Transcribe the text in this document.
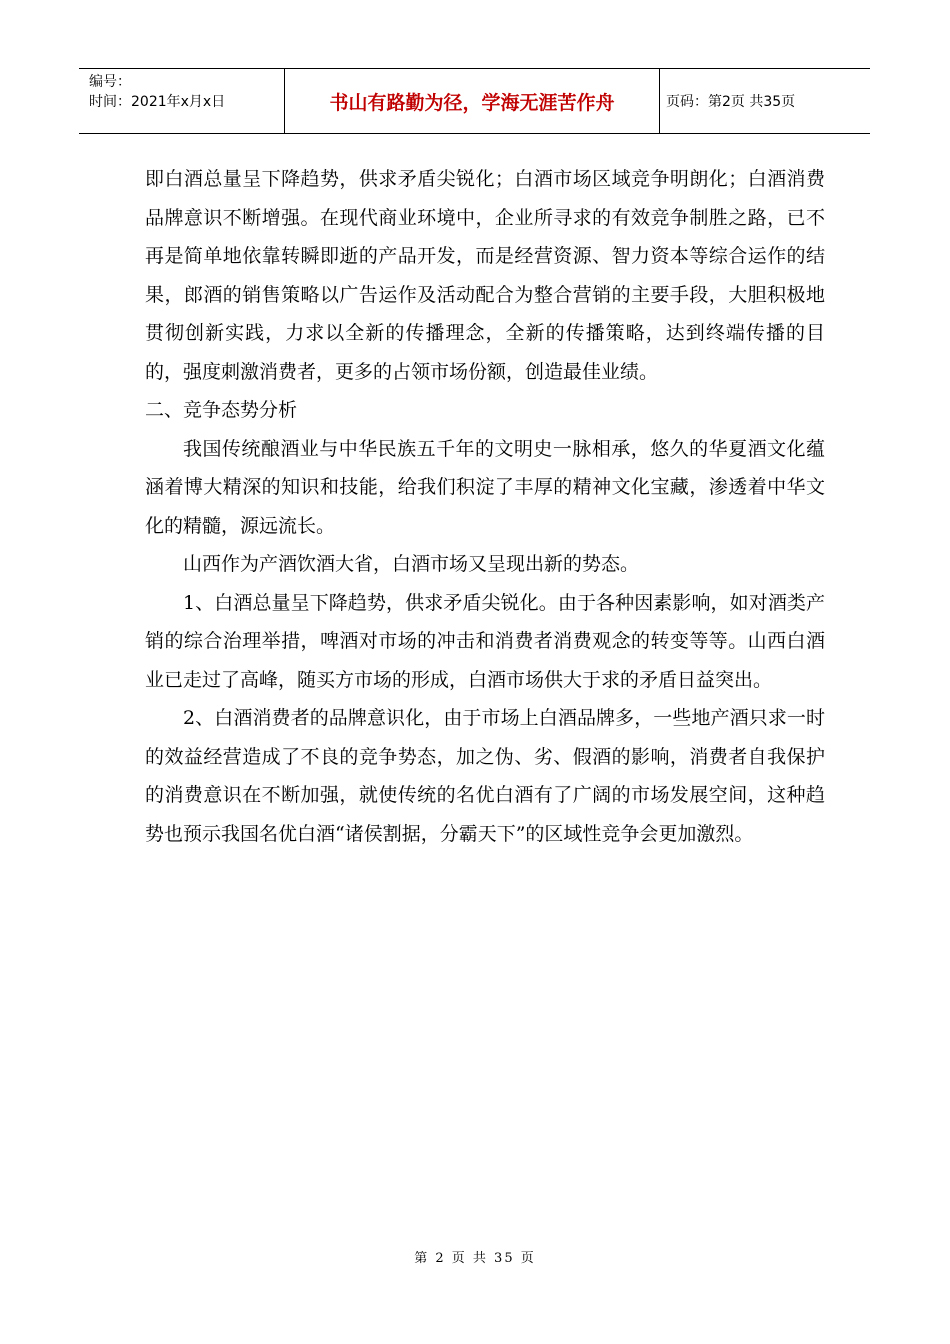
编号：
时间：2021年x月x日	书山有路勤为径，学海无涯苦作舟	页码：第2页 共35页

即白酒总量呈下降趋势，供求矛盾尖锐化；白酒市场区域竞争明朗化；白酒消费品牌意识不断增强。在现代商业环境中，企业所寻求的有效竞争制胜之路，已不再是简单地依靠转瞬即逝的产品开发，而是经营资源、智力资本等综合运作的结果，郎酒的销售策略以广告运作及活动配合为整合营销的主要手段，大胆积极地贯彻创新实践，力求以全新的传播理念，全新的传播策略，达到终端传播的目的，强度刺激消费者，更多的占领市场份额，创造最佳业绩。

二、竞争态势分析

我国传统酿酒业与中华民族五千年的文明史一脉相承，悠久的华夏酒文化蕴涵着博大精深的知识和技能，给我们积淀了丰厚的精神文化宝藏，渗透着中华文化的精髓，源远流长。

山西作为产酒饮酒大省，白酒市场又呈现出新的势态。

1、白酒总量呈下降趋势，供求矛盾尖锐化。由于各种因素影响，如对酒类产销的综合治理举措，啤酒对市场的冲击和消费者消费观念的转变等等。山西白酒业已走过了高峰，随买方市场的形成，白酒市场供大于求的矛盾日益突出。

2、白酒消费者的品牌意识化，由于市场上白酒品牌多，一些地产酒只求一时的效益经营造成了不良的竞争势态，加之伪、劣、假酒的影响，消费者自我保护的消费意识在不断加强，就使传统的名优白酒有了广阔的市场发展空间，这种趋势也预示我国名优白酒“诸侯割据，分霸天下”的区域性竞争会更加激烈。

第 2 页 共 35 页
